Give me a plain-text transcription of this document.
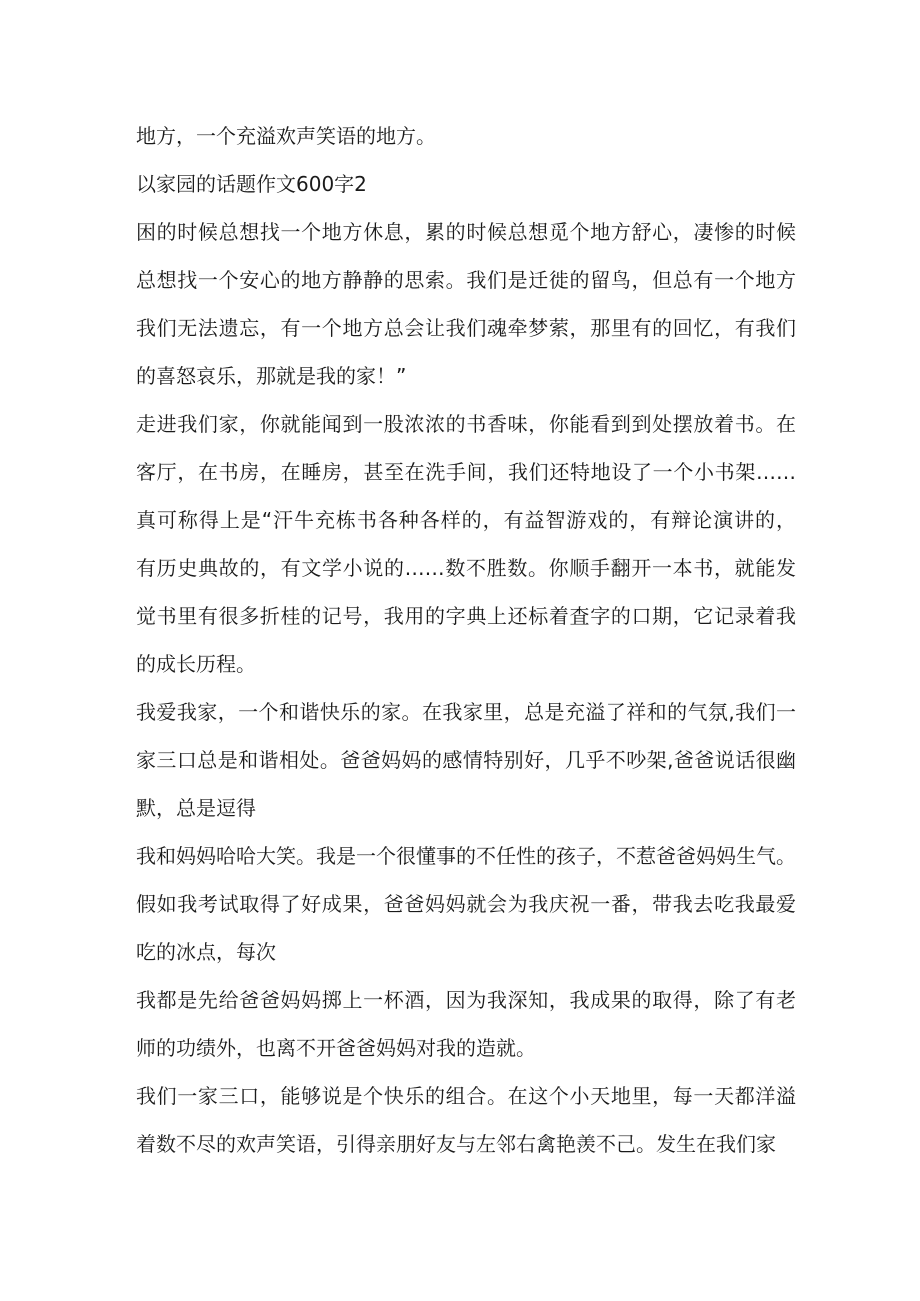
地方，一个充溢欢声笑语的地方。
以家园的话题作文600字2
困的时候总想找一个地方休息，累的时候总想觅个地方舒心，凄惨的时候
总想找一个安心的地方静静的思索。我们是迁徙的留鸟，但总有一个地方
我们无法遗忘，有一个地方总会让我们魂牵梦萦，那里有的回忆，有我们
的喜怒哀乐，那就是我的家！”
走进我们家，你就能闻到一股浓浓的书香味，你能看到到处摆放着书。在
客厅，在书房，在睡房，甚至在洗手间，我们还特地设了一个小书架……
真可称得上是“汗牛充栋书各种各样的，有益智游戏的，有辩论演讲的，
有历史典故的，有文学小说的……数不胜数。你顺手翻开一本书，就能发
觉书里有很多折桂的记号，我用的字典上还标着査字的口期，它记录着我
的成长历程。
我爱我家，一个和谐快乐的家。在我家里，总是充溢了祥和的气氛,我们一
家三口总是和谐相处。爸爸妈妈的感情特别好，几乎不吵架,爸爸说话很幽
默，总是逗得
我和妈妈哈哈大笑。我是一个很懂事的不任性的孩子，不惹爸爸妈妈生气。
假如我考试取得了好成果，爸爸妈妈就会为我庆祝一番，带我去吃我最爱
吃的冰点，每次
我都是先给爸爸妈妈掷上一杯酒，因为我深知，我成果的取得，除了有老
师的功绩外，也离不开爸爸妈妈对我的造就。
我们一家三口，能够说是个快乐的组合。在这个小天地里，每一天都洋溢
着数不尽的欢声笑语，引得亲朋好友与左邻右禽艳羡不己。发生在我们家
